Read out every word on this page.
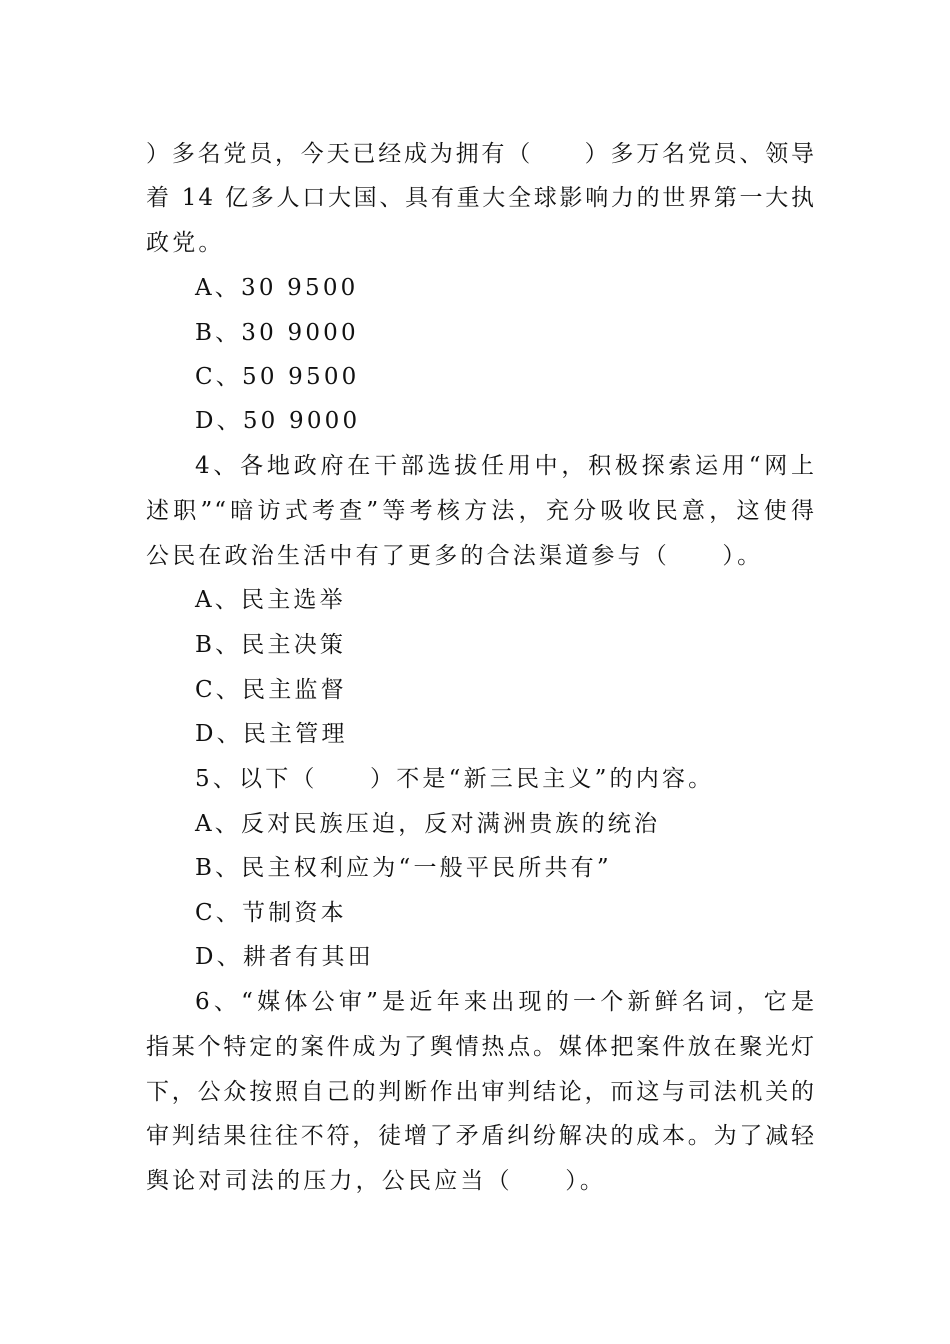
）多名党员，今天已经成为拥有（　　）多万名党员、领导
着 14 亿多人口大国、具有重大全球影响力的世界第一大执
政党。
A、30 9500
B、30 9000
C、50 9500
D、50 9000
4、各地政府在干部选拔任用中，积极探索运用“网上
述职”“暗访式考查”等考核方法，充分吸收民意，这使得
公民在政治生活中有了更多的合法渠道参与（　　）。
A、民主选举
B、民主决策
C、民主监督
D、民主管理
5、以下（　　）不是“新三民主义”的内容。
A、反对民族压迫，反对满洲贵族的统治
B、民主权利应为“一般平民所共有”
C、节制资本
D、耕者有其田
6、“媒体公审”是近年来出现的一个新鲜名词，它是
指某个特定的案件成为了舆情热点。媒体把案件放在聚光灯
下，公众按照自己的判断作出审判结论，而这与司法机关的
审判结果往往不符，徒增了矛盾纠纷解决的成本。为了减轻
舆论对司法的压力，公民应当（　　）。
